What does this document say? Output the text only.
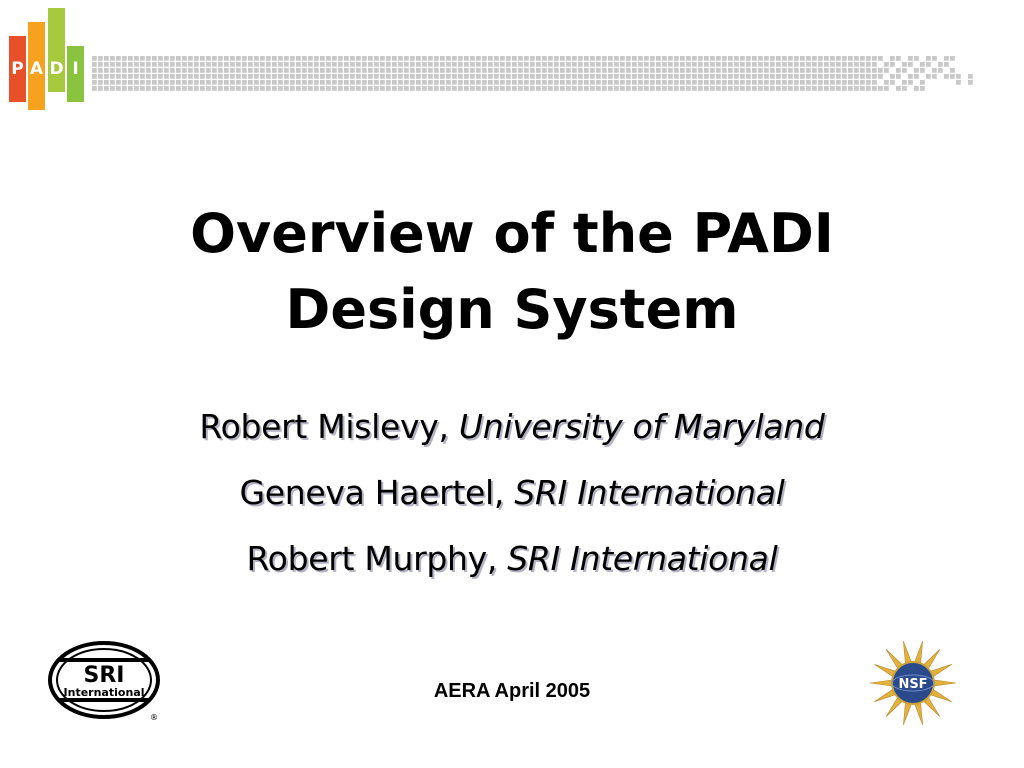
P A D I
Overview of the PADI
Design System
Robert Mislevy, University of Maryland
Geneva Haertel, SRI International
Robert Murphy, SRI International
SRI
International
®
AERA April 2005	NSF
